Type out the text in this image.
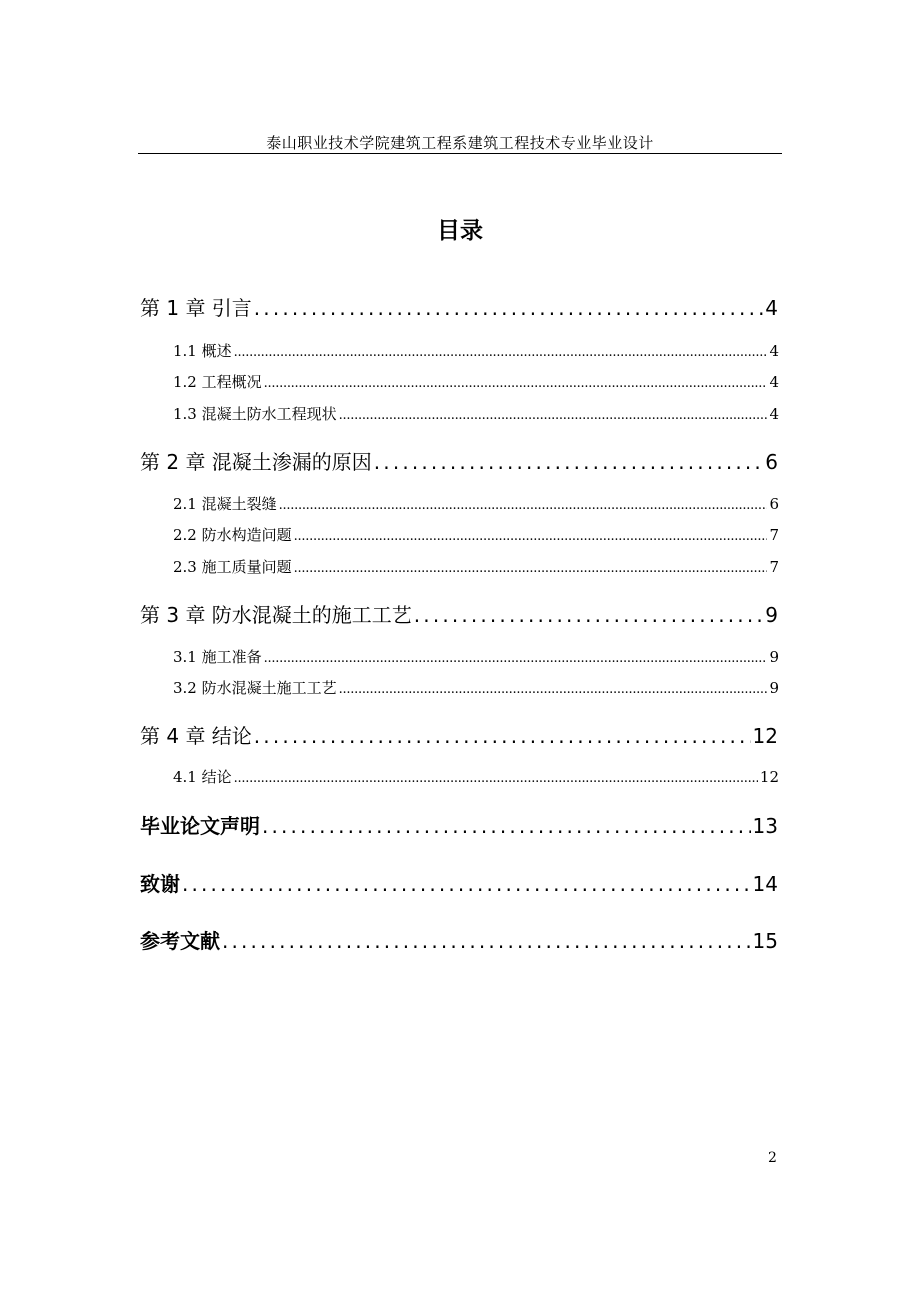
泰山职业技术学院建筑工程系建筑工程技术专业毕业设计
目录
第 1 章 引言 . . .	4
1.1 概述 . . .	4
1.2 工程概况 . . .	4
1.3 混凝土防水工程现状 . . .	4
第 2 章 混凝土渗漏的原因 . . .	6
2.1 混凝土裂缝 . . .	6
2.2 防水构造问题 . . .	7
2.3 施工质量问题 . . .	7
第 3 章 防水混凝土的施工工艺 . . .	9
3.1 施工准备 . . .	9
3.2 防水混凝土施工工艺 . . .	9
第 4 章 结论 . . .	12
4.1 结论 . . .	12
毕业论文声明 . . .	13
致谢 . . .	14
参考文献 . . .	15
2
